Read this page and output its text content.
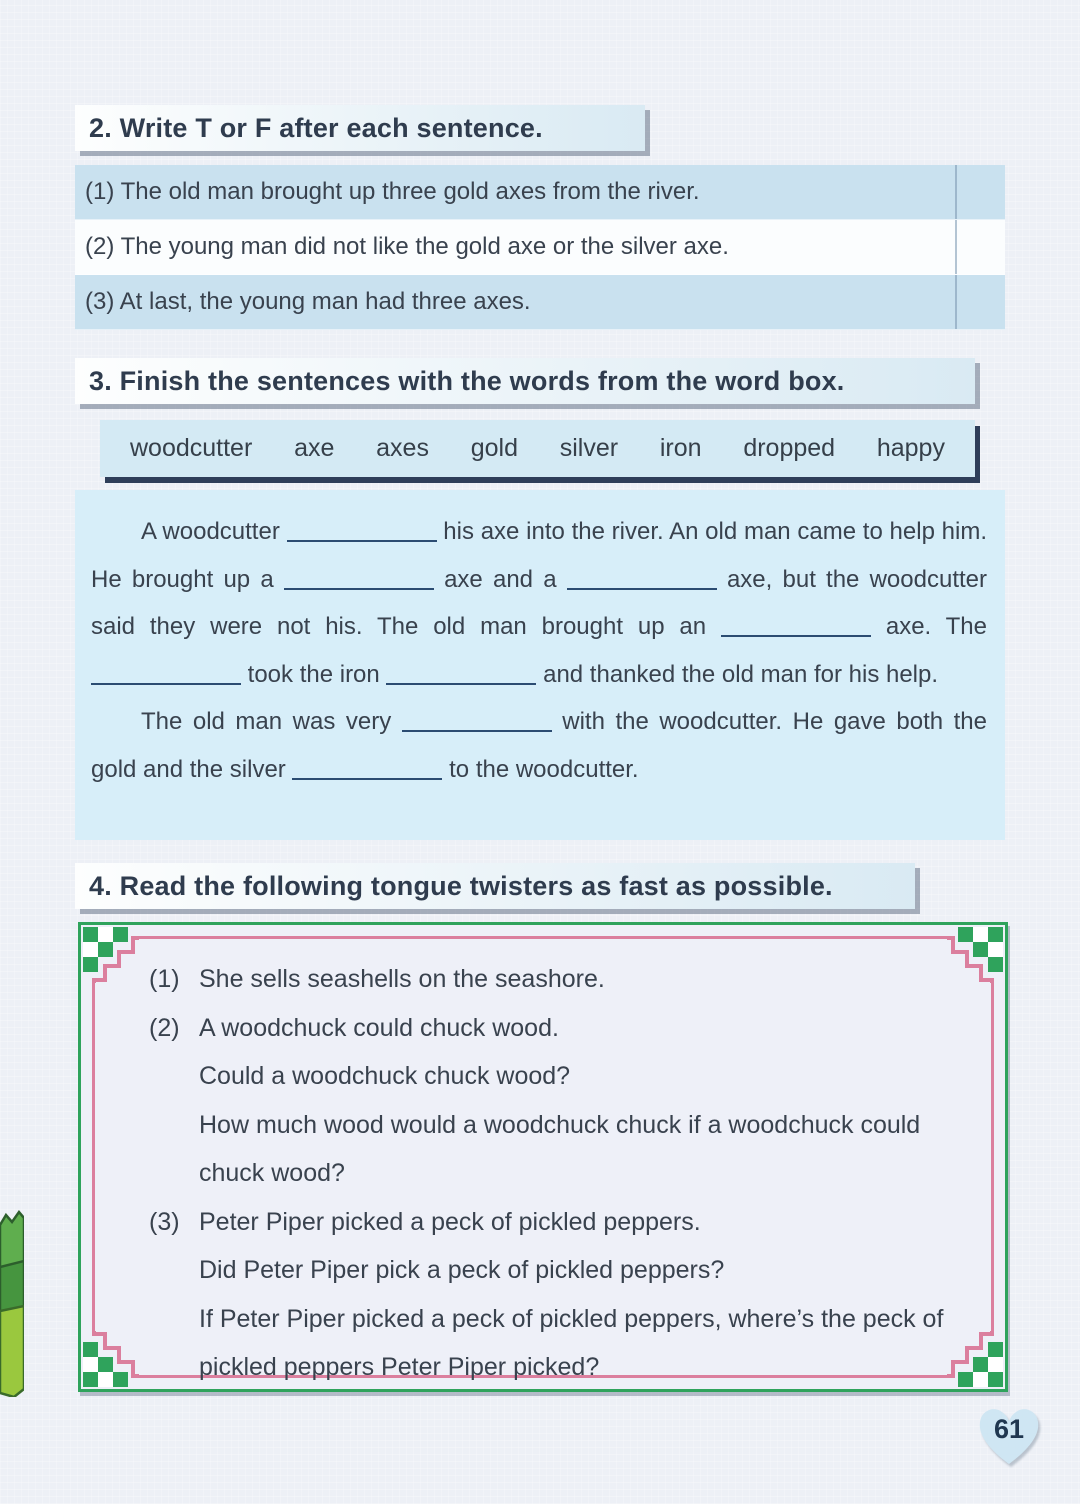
2. Write T or F after each sentence.
(1) The old man brought up three gold axes from the river.
(2) The young man did not like the gold axe or the silver axe.
(3) At last, the young man had three axes.
3. Finish the sentences with the words from the word box.
woodcutter axe axes gold silver iron dropped happy

A woodcutter	his axe into the river. An old man came to help him. He brought up a	axe and a	axe, but the woodcutter said they were not his. The old man brought up an	axe. The  took the iron	and thanked the old man for his help.

The old man was very	with the woodcutter. He gave both the gold and the silver	to the woodcutter.

4. Read the following tongue twisters as fast as possible.
(1) She sells seashells on the seashore.
(2) A woodchuck could chuck wood.
Could a woodchuck chuck wood?
How much wood would a woodchuck chuck if a woodchuck could chuck wood?
(3) Peter Piper picked a peck of pickled peppers.
Did Peter Piper pick a peck of pickled peppers?
If Peter Piper picked a peck of pickled peppers, where’s the peck of pickled peppers Peter Piper picked?
61
